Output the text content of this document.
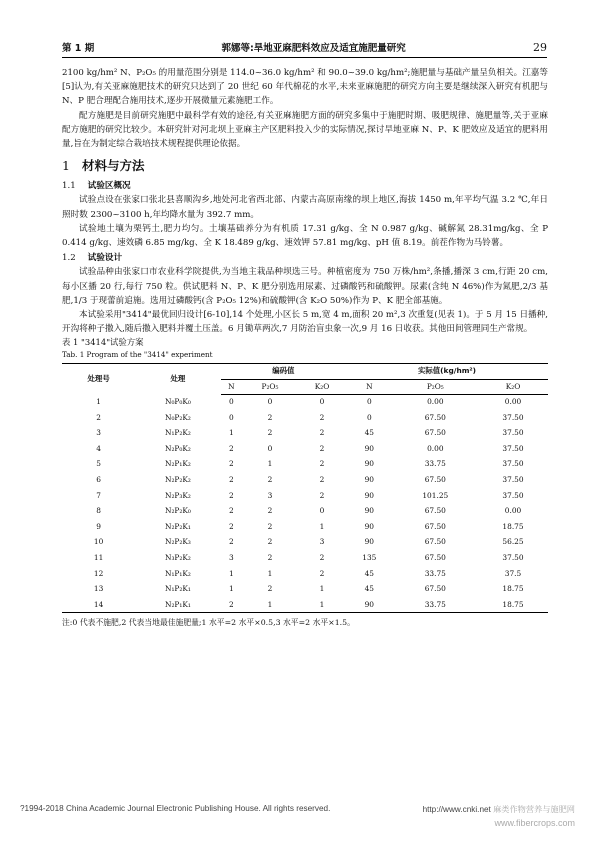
第 1 期	郭娜等:旱地亚麻肥料效应及适宜施肥量研究	29

2100 kg/hm² N、P₂O₅ 的用量范围分别是 114.0~36.0 kg/hm² 和 90.0~39.0 kg/hm²;施肥量与基础产量呈负相关。江嘉等[5]认为,有关亚麻施肥技术的研究只达到了 20 世纪 60 年代棉花的水平,未来亚麻施肥的研究方向主要是继续深入研究有机肥与 N、P 肥合理配合施用技术,逐步开展微量元素施肥工作。

配方施肥是目前研究施肥中最科学有效的途径,有关亚麻施肥方面的研究多集中于施肥时期、吸肥规律、施肥量等,关于亚麻配方施肥的研究比较少。本研究针对河北坝上亚麻主产区肥料投入少的实际情况,探讨旱地亚麻 N、P、K 肥效应及适宜的肥料用量,旨在为制定综合栽培技术规程提供理论依据。

1 材料与方法
1.1 试验区概况

试验点设在张家口张北县喜顺沟乡,地处河北省西北部、内蒙古高原南缘的坝上地区,海拔 1450 m,年平均气温 3.2 ℃,年日照时数 2300~3100 h,年均降水量为 392.7 mm。

试验地土壤为栗钙土,肥力均匀。土壤基础养分为有机质 17.31 g/kg、全 N 0.987 g/kg、碱解氮 28.31mg/kg、全 P 0.414 g/kg、速效磷 6.85 mg/kg、全 K 18.489 g/kg、速效钾 57.81 mg/kg、pH 值 8.19。前茬作物为马铃薯。

1.2 试验设计

试验品种由张家口市农业科学院提供,为当地主栽品种坝选三号。种植密度为 750 万株/hm²,条播,播深 3 cm,行距 20 cm,每小区播 20 行,每行 750 粒。供试肥料 N、P、K 肥分别选用尿素、过磷酸钙和硫酸钾。尿素(含纯 N 46%)作为氮肥,2/3 基肥,1/3 于现蕾前追施。选用过磷酸钙(含 P₂O₅ 12%)和硫酸钾(含 K₂O 50%)作为 P、K 肥全部基施。

本试验采用"3414"最优回归设计[6-10],14 个处理,小区长 5 m,宽 4 m,面积 20 m²,3 次重复(见表 1)。于 5 月 15 日播种,开沟将种子撒入,随后撒入肥料并覆土压盖。6 月锄草两次,7 月防治盲虫象一次,9 月 16 日收获。其他田间管理同生产常规。

表 1 "3414"试验方案
Tab. 1 Program of the "3414" experiment
处理号	处理	编码值			实际值(kg/hm²)		
		N	P₂O₅	K₂O	N	P₂O₅	K₂O
1	N₀P₀K₀	0	0	0	0	0.00	0.00
2	N₀P₂K₂	0	2	2	0	67.50	37.50
3	N₁P₂K₂	1	2	2	45	67.50	37.50
4	N₂P₀K₂	2	0	2	90	0.00	37.50
5	N₂P₁K₂	2	1	2	90	33.75	37.50
6	N₂P₂K₂	2	2	2	90	67.50	37.50
7	N₂P₃K₂	2	3	2	90	101.25	37.50
8	N₂P₂K₀	2	2	0	90	67.50	0.00
9	N₂P₂K₁	2	2	1	90	67.50	18.75
10	N₂P₂K₃	2	2	3	90	67.50	56.25
11	N₃P₂K₂	3	2	2	135	67.50	37.50
12	N₁P₁K₂	1	1	2	45	33.75	37.5
13	N₁P₂K₁	1	2	1	45	67.50	18.75
14	N₂P₁K₁	2	1	1	90	33.75	18.75
注:0 代表不施肥,2 代表当地最佳施肥量;1 水平=2 水平×0.5,3 水平=2 水平×1.5。
?1994-2018 China Academic Journal Electronic Publishing House. All rights reserved.	http://www.cnki.net 麻类作物营养与施肥网
www.fibercrops.com
